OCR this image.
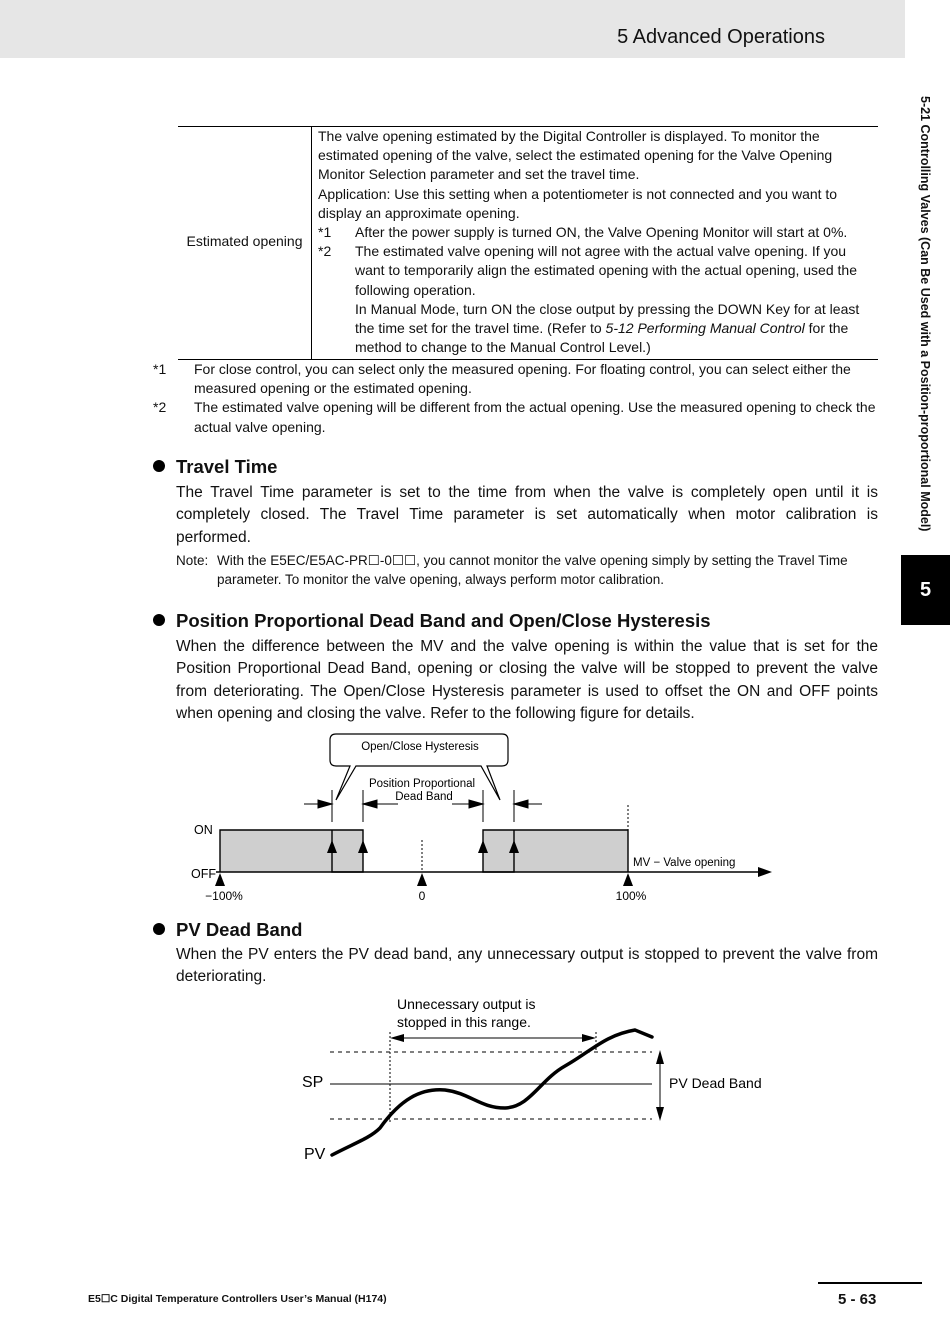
5 Advanced Operations
5-21 Controlling Valves (Can Be Used with a Position-proportional Model)
5
Estimated opening

The valve opening estimated by the Digital Controller is displayed. To monitor the estimated opening of the valve, select the estimated opening for the Valve Opening Monitor Selection parameter and set the travel time.

Application: Use this setting when a potentiometer is not connected and you want to display an approximate opening.

*1 After the power supply is turned ON, the Valve Opening Monitor will start at 0%.
*2 The estimated valve opening will not agree with the actual valve opening. If you want to temporarily align the estimated opening with the actual opening, used the following operation.
In Manual Mode, turn ON the close output by pressing the DOWN Key for at least the time set for the travel time. (Refer to 5-12 Performing Manual Control for the method to change to the Manual Control Level.)
*1 For close control, you can select only the measured opening. For floating control, you can select either the measured opening or the estimated opening.
*2 The estimated valve opening will be different from the actual opening. Use the measured opening to check the actual valve opening.
Travel Time

The Travel Time parameter is set to the time from when the valve is completely open until it is completely closed. The Travel Time parameter is set automatically when motor calibration is performed.

Note: With the E5EC/E5AC-PR☐-0☐☐, you cannot monitor the valve opening simply by setting the Travel Time parameter. To monitor the valve opening, always perform motor calibration.
Position Proportional Dead Band and Open/Close Hysteresis

When the difference between the MV and the valve opening is within the value that is set for the Position Proportional Dead Band, opening or closing the valve will be stopped to prevent the valve from deteriorating. The Open/Close Hysteresis parameter is used to offset the ON and OFF points when opening and closing the valve. Refer to the following figure for details.

Open/Close Hysteresis
Position Proportional
Dead Band
ON
OFF
MV − Valve opening
−100%	0	100%
PV Dead Band

When the PV enters the PV dead band, any unnecessary output is stopped to prevent the valve from deteriorating.

Unnecessary output is
stopped in this range.
SP
PV
PV Dead Band
E5☐C Digital Temperature Controllers User’s Manual (H174)	5 - 63
